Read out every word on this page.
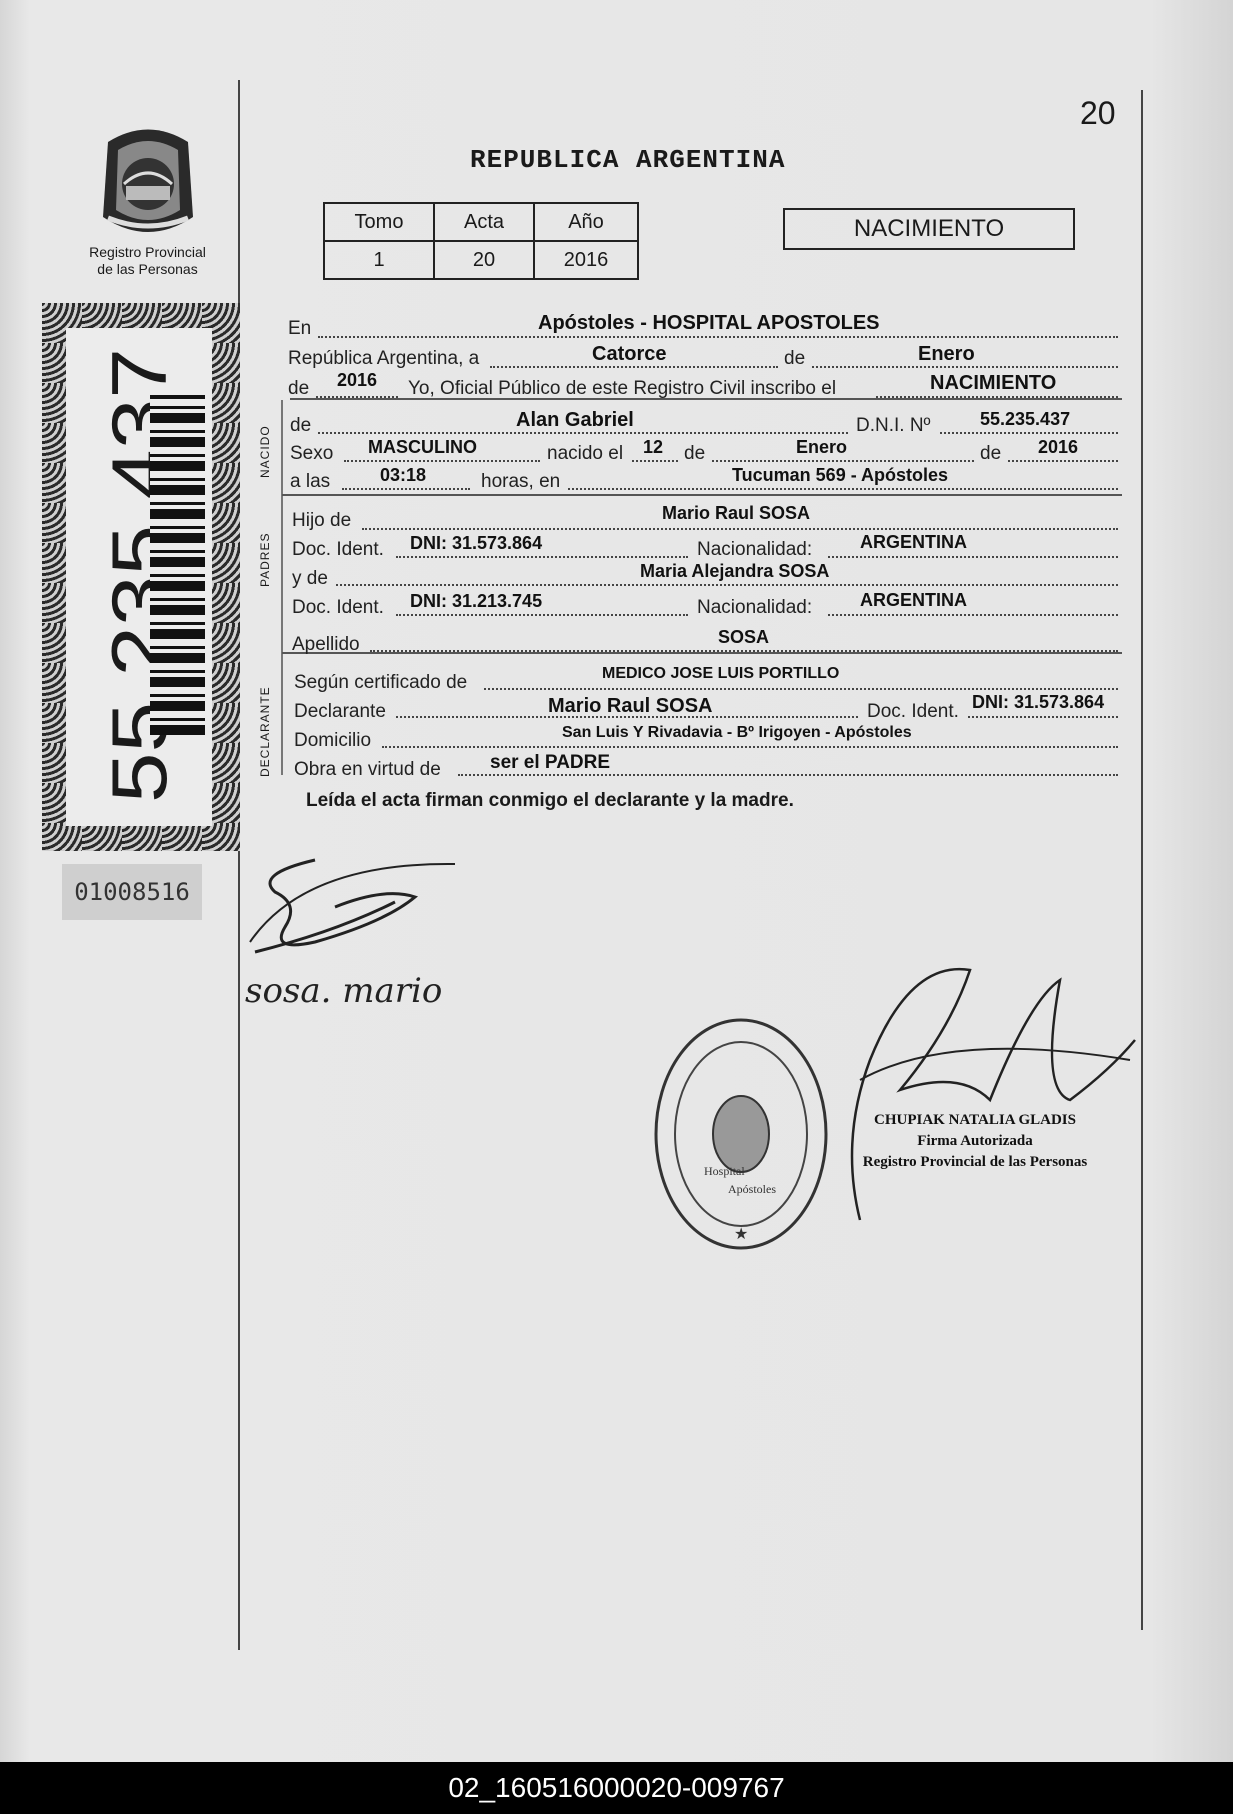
20
REPUBLICA ARGENTINA
Registro Provincial
de las Personas
Tomo	Acta	Año
1	20	2016
NACIMIENTO
55.235.437
01008516
NACIDO
PADRES
DECLARANTE
En	Apóstoles - HOSPITAL APOSTOLES
República Argentina, a	Catorce	de	Enero
de 2016 Yo, Oficial Público de este Registro Civil inscribo el	NACIMIENTO
de	Alan Gabriel	D.N.I. Nº	55.235.437
Sexo MASCULINO	nacido el 12 de	Enero	de 2016
a las	03:18	horas, en	Tucuman 569 - Apóstoles
Hijo de	Mario Raul SOSA
Doc. Ident. DNI: 31.573.864	Nacionalidad:	ARGENTINA
y de	Maria Alejandra SOSA
Doc. Ident. DNI: 31.213.745	Nacionalidad:	ARGENTINA
Apellido	SOSA
Según certificado de	MEDICO JOSE LUIS PORTILLO
Declarante	Mario Raul SOSA	Doc. Ident. DNI: 31.573.864
Domicilio	San Luis Y Rivadavia - Bº Irigoyen - Apóstoles
Obra en virtud de	ser el PADRE
Leída el acta firman conmigo el declarante y la madre.
sosa. mario
Hospital
Apóstoles
★
CHUPIAK NATALIA GLADIS
Firma Autorizada
Registro Provincial de las Personas
02_160516000020-009767
